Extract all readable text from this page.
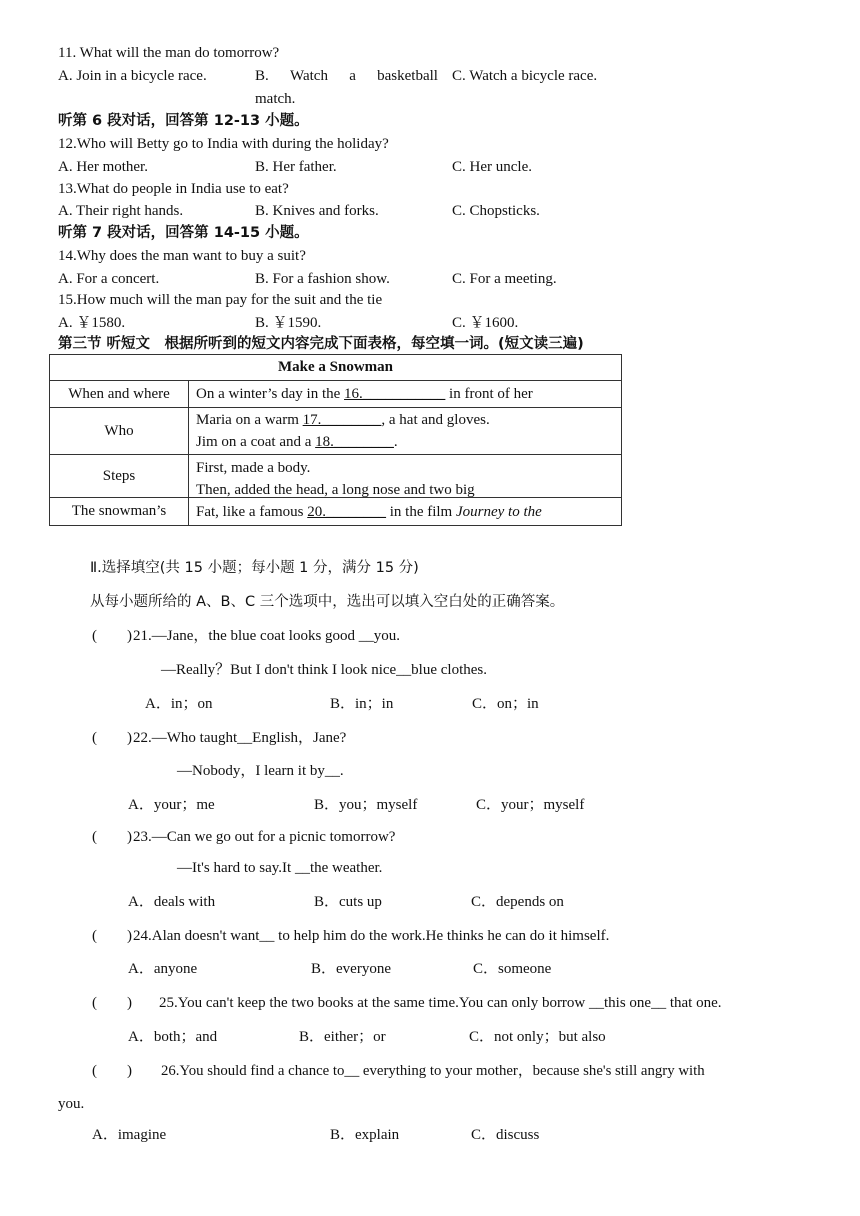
11. What will the man do tomorrow?
A. Join in a bicycle race.	B. Watch a basketball
match.
C. Watch a bicycle race.
听第 6 段对话，回答第 12-13 小题。
12.Who will Betty go to India with during the holiday?
A. Her mother.	B. Her father.	C. Her uncle.
13.What do people in India use to eat?
A. Their right hands.	B. Knives and forks.	C. Chopsticks.
听第 7 段对话，回答第 14-15 小题。
14.Why does the man want to buy a suit?
A. For a concert.	B. For a fashion show.	C. For a meeting.
15.How much will the man pay for the suit and the tie
A. ￥1580.	B. ￥1590.	C. ￥1600.
第三节 听短文　根据所听到的短文内容完成下面表格，每空填一词。(短文读三遍)
Make a Snowman	
When and where	On a winter’s day in the 16.___________ in front of her

Who	Maria on a warm 17.________, a hat and gloves.
Jim on a coat and a 18.________.

Steps	First, made a body.
Then, added the head, a long nose and two big

The snowman’s	Fat, like a famous 20.________ in the film Journey to the
Ⅱ.选择填空(共 15 小题；每小题 1 分，满分 15 分)
从每小题所给的 A、B、C 三个选项中，选出可以填入空白处的正确答案。
(　　) 21.—Jane，the blue coat looks good __you.
—Really？But I don't think I look nice__blue clothes.
A．in；on	B．in；in	C．on；in
(　　) 22.—Who taught__English，Jane?
—Nobody，I learn it by__.
A．your；me	B．you；myself	C．your；myself
(　　) 23.—Can we go out for a picnic tomorrow?
—It's hard to say.It __the weather.
A．deals with	B．cuts up	C．depends on
(　　) 24.Alan doesn't want__ to help him do the work.He thinks he can do it himself.
A．anyone	B．everyone	C．someone
(　　) 25.You can't keep the two books at the same time.You can only borrow __this one__ that one.
A．both；and	B．either；or	C．not only；but also
(　　) 26.You should find a chance to__ everything to your mother，because she's still angry with
you.
A．imagine	B．explain	C．discuss
